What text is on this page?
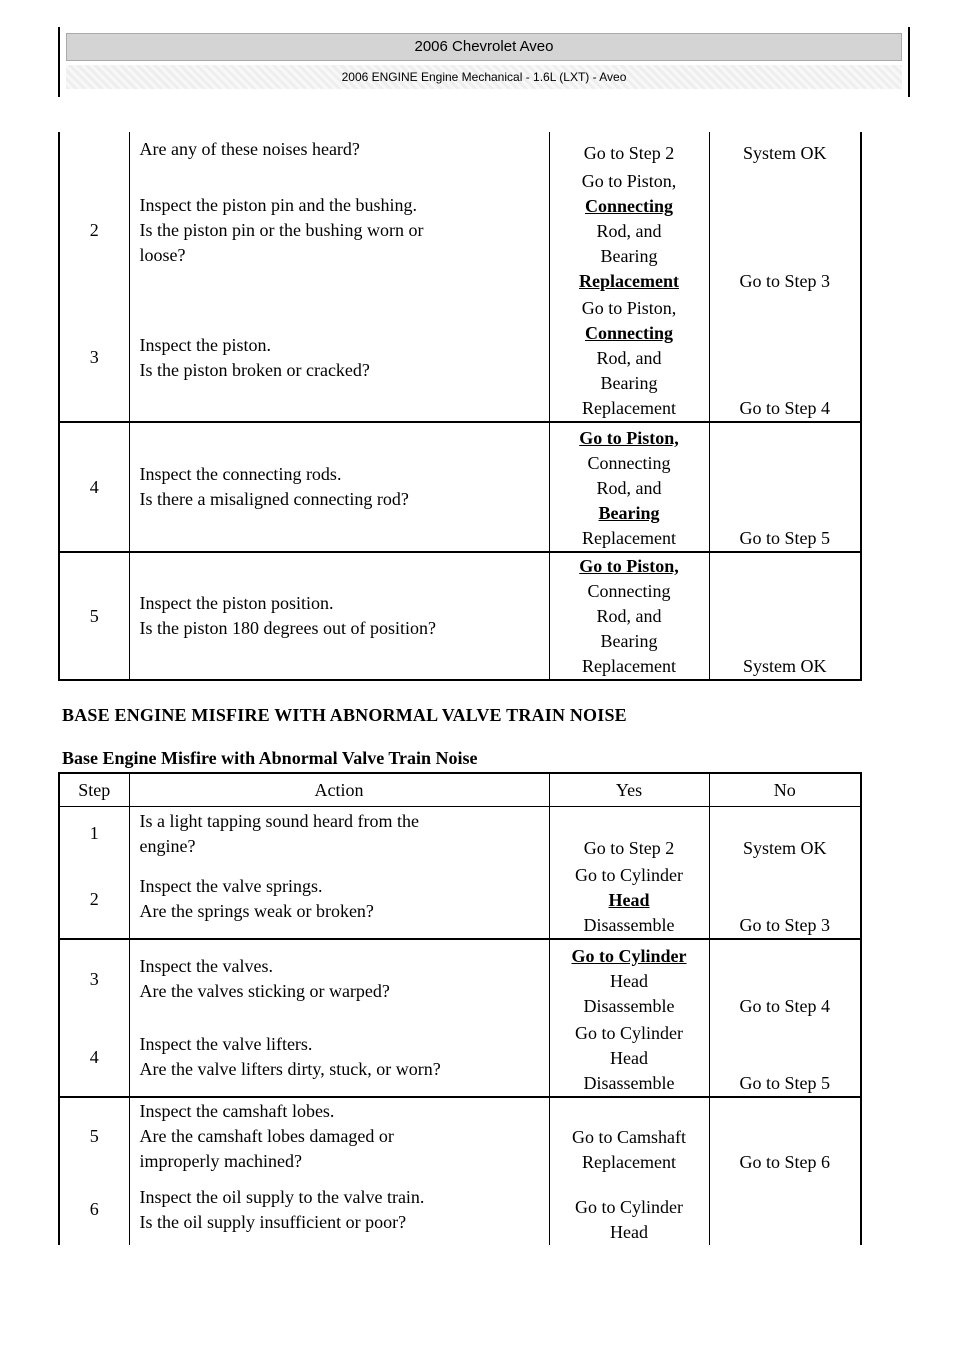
2006 Chevrolet Aveo
2006 ENGINE Engine Mechanical - 1.6L (LXT) - Aveo

	Are any of these noises heard?	Go to Step 2	System OK

2	Inspect the piston pin and the bushing.
Is the piston pin or the bushing worn or
loose?	Go to Piston,
Connecting
Rod, and
Bearing
Replacement	Go to Step 3

3	Inspect the piston.
Is the piston broken or cracked?	Go to Piston,
Connecting
Rod, and
Bearing
Replacement	Go to Step 4

4	Inspect the connecting rods.
Is there a misaligned connecting rod?	Go to Piston,
Connecting
Rod, and
Bearing
Replacement	Go to Step 5

5	Inspect the piston position.
Is the piston 180 degrees out of position?	Go to Piston,
Connecting
Rod, and
Bearing
Replacement	System OK
BASE ENGINE MISFIRE WITH ABNORMAL VALVE TRAIN NOISE
Base Engine Misfire with Abnormal Valve Train Noise
Step	Action	Yes	No
1	Is a light tapping sound heard from the
engine?	Go to Step 2	System OK

2	Inspect the valve springs.
Are the springs weak or broken?	Go to Cylinder
Head
Disassemble	Go to Step 3

3	Inspect the valves.
Are the valves sticking or warped?	Go to Cylinder
Head
Disassemble	Go to Step 4

4	Inspect the valve lifters.
Are the valve lifters dirty, stuck, or worn?	Go to Cylinder
Head
Disassemble	Go to Step 5

5	Inspect the camshaft lobes.
Are the camshaft lobes damaged or
improperly machined?	Go to Camshaft
Replacement	Go to Step 6

6	Inspect the oil supply to the valve train.
Is the oil supply insufficient or poor?	Go to Cylinder
Head	
